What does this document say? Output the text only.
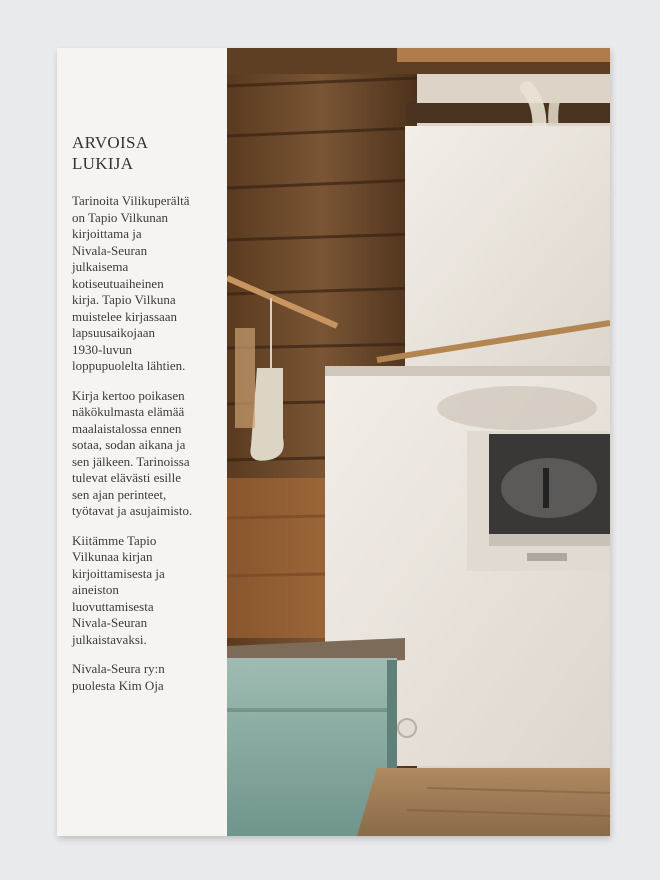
ARVOISA
LUKIJA

Tarinoita Vilikuperältä
on Tapio Vilkunan
kirjoittama ja
Nivala-Seuran
julkaisema
kotiseutuaiheinen
kirja. Tapio Vilkuna
muistelee kirjassaan
lapsuusaikojaan
1930-luvun
loppupuolelta lähtien.

Kirja kertoo poikasen
näkökulmasta elämää
maalaistalossa ennen
sotaa, sodan aikana ja
sen jälkeen. Tarinoissa
tulevat elävästi esille
sen ajan perinteet,
työtavat ja asujaimisto.

Kiitämme Tapio
Vilkunaa kirjan
kirjoittamisesta ja
aineiston
luovuttamisesta
Nivala-Seuran
julkaistavaksi.

Nivala-Seura ry:n
puolesta Kim Oja
